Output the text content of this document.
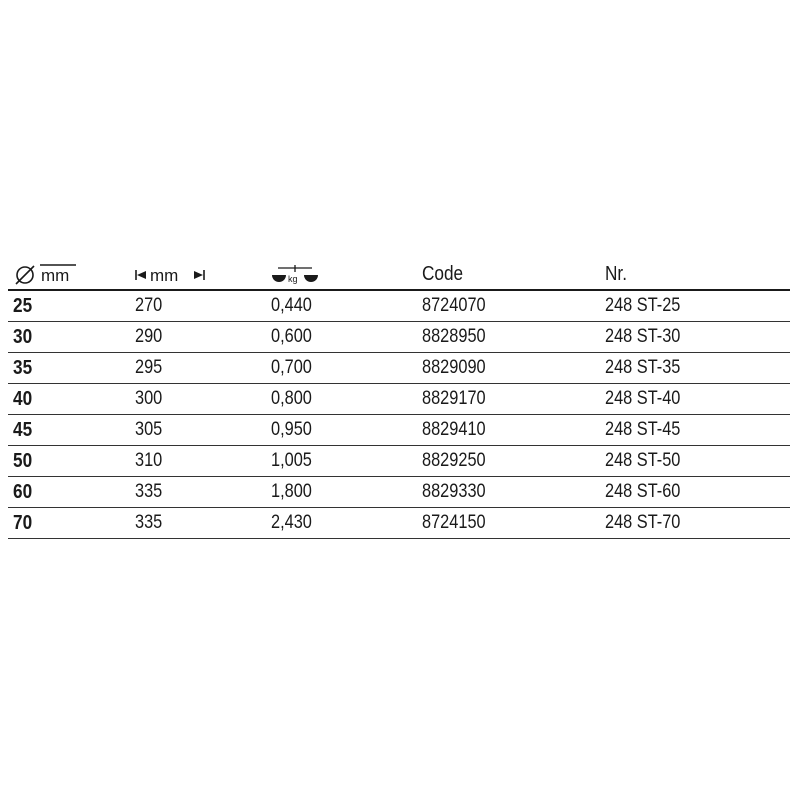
mm	mm	kg	Code	Nr.
25	270	0,440	8724070	248 ST-25
30	290	0,600	8828950	248 ST-30
35	295	0,700	8829090	248 ST-35
40	300	0,800	8829170	248 ST-40
45	305	0,950	8829410	248 ST-45
50	310	1,005	8829250	248 ST-50
60	335	1,800	8829330	248 ST-60
70	335	2,430	8724150	248 ST-70
